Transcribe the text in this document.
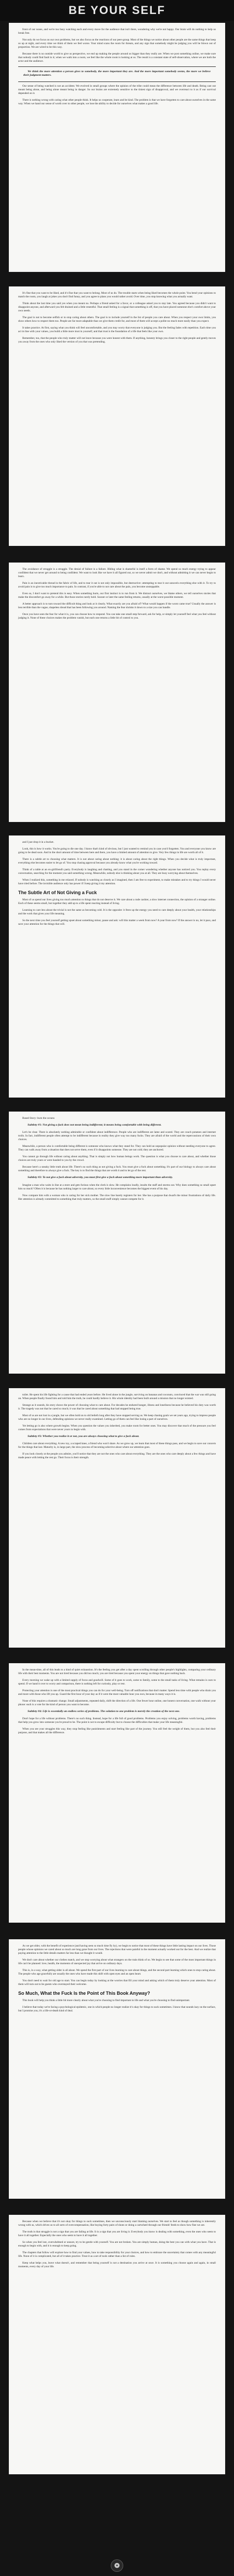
BE YOUR SELF

front of our noses, and we're too busy watching each and every move for the audience that isn't there, wondering why we're not happy. Our brain will do nothing to help us break free.

Not only do we focus on our own problems, but we also focus on the reactions of our peer-group. Most of the things we notice about other people are the same things that keep us up at night, and every time we think of them we feel worse. Your mind scans the room for threats, and any sign that somebody might be judging you will be blown out of proportion. We are wired to be this way.

Because there is no outside world to give us perspective, we end up making the people around us bigger than they really are. When we post something online, we make sure that nobody could find fault in it; when we walk into a room, we feel like the whole room is looking at us. The result is a constant state of self-observation, where we are both the actor and the audience.

We think the more attention a person gives to somebody, the more important they are. And the more important somebody seems, the more we believe their judgment matters.

Our sense of being watched is not an accident. We evolved in small groups where the opinion of the tribe could mean the difference between life and death. Being cast out meant being alone, and being alone meant being in danger. So our brains are extremely sensitive to the tiniest sign of disapproval, and we overreact to it as if our survival depended on it.

There is nothing wrong with caring what other people think. It helps us cooperate, learn and be kind. The problem is that we have forgotten to care about ourselves in the same way. When we hand our sense of worth over to other people, we lose the ability to decide for ourselves what makes a good life.

It's fine that you want to be liked, and it's fine that you want to belong. Most of us do. The trouble starts when being liked becomes the whole point. You bend your opinions to match the room, you laugh at jokes you don't find funny, and you agree to plans you would rather avoid. Over time, you stop knowing what you actually want.

Think about the last time you said yes when you meant no. Perhaps a friend asked for a favor, or a colleague asked you to stay late. You agreed because you didn't want to disappoint anyone, and afterward you felt drained and a little resentful. That small feeling is a signal that something is off, that you have placed someone else's comfort above your own needs.

The goal is not to become selfish or to stop caring about others. The goal is to include yourself in the list of people you care about. When you respect your own limits, you show others how to respect them too. People are far more adaptable than we give them credit for, and most of them will accept a polite no much more easily than you expect.

It takes practice. At first, saying what you think will feel uncomfortable, and you may worry that everyone is judging you. But the feeling fades with repetition. Each time you act in line with your values, you build a little more trust in yourself, and that trust is the foundation of a life that feels like your own.

Remember, too, that the people who truly matter will not leave because you were honest with them. If anything, honesty brings you closer to the right people and gently moves you away from the ones who only liked the version of you that was pretending.

The avoidance of struggle is a struggle. The denial of failure is a failure. Hiding what is shameful is itself a form of shame. We spend so much energy trying to appear confident that we never get around to being confident. We want to look like we have it all figured out, so we never admit we don't, and without admitting it we can never begin to learn.

Pain is an inextricable thread in the fabric of life, and to tear it out is not only impossible, but destructive: attempting to tear it out unravels everything else with it. To try to avoid pain is to give too much importance to pain. In contrast, if you're able to not care about the pain, you become unstoppable.

Even so, I don't want to pretend this is easy. When something hurts, our first instinct is to run from it. We distract ourselves, we blame others, we tell ourselves stories that make the discomfort go away for a while. But those stories rarely hold. Sooner or later the same feeling returns, usually at the worst possible moment.

A better approach is to turn toward the difficult thing and look at it clearly. What exactly are you afraid of? What would happen if the worst came true? Usually the answer is less terrible than the vague, shapeless dread that has been following you around. Naming the fear shrinks it down to a size you can handle.

Once you have seen the fear for what it is, you can choose how to respond. You can take one small step forward, ask for help, or simply let yourself feel what you feel without judging it. None of these choices makes the problem vanish, but each one returns a little bit of control to you.

and I just drop it in a bucket.

Look, this is how it works. You're going to die one day. I know that's kind of obvious, but I just wanted to remind you in case you'd forgotten. You and everyone you know are going to be dead soon. And in the short amount of time between here and there, you have a limited amount of attention to give. Very few things in life are worth all of it.

There is a subtle art to choosing what matters. It is not about caring about nothing; it is about caring about the right things. When you decide what is truly important, everything else becomes easier to let go of. You stop chasing approval because you already know what you're working toward.

Think of a table at an ex-girlfriend's party. Everybody is laughing and chatting, and you stand in the corner wondering whether anyone has noticed you. You replay every conversation, searching for the moment you said something wrong. Meanwhile, nobody else is thinking about you at all. They are busy worrying about themselves.

When I realized this, something in me relaxed. If nobody is watching as closely as I imagined, then I am free to experiment, to make mistakes and to try things I would never have tried before. The invisible audience only has power if I keep giving it my attention.

The Subtle Art of Not Giving a Fuck

Most of us spend our lives giving too much attention to things that do not deserve it. We care about a rude cashier, a slow internet connection, the opinion of a stranger online. Each of these seems small, but together they add up to a life spent reacting instead of living.

Learning to care less about the trivial is not the same as becoming cold. It is the opposite: it frees up the energy you need to care deeply about your health, your relationships and the work that gives your life meaning.

So the next time you feel yourself getting upset about something minor, pause and ask: will this matter a week from now? A year from now? If the answer is no, let it pass, and save your attention for the things that will.

Based Story: burn the oceans

Subtlety #1: Not giving a fuck does not mean being indifferent; it means being comfortable with being different.

Let's be clear. There is absolutely nothing admirable or confident about indifference. People who are indifferent are lame and scared. They are couch potatoes and internet trolls. In fact, indifferent people often attempt to be indifferent because in reality they give way too many fucks. They are afraid of the world and the repercussions of their own choices.

Meanwhile, a person who is comfortable being different is someone who knows what they stand for. They can hold an unpopular opinion without needing everyone to agree. They can walk away from a situation that does not serve them, even if it disappoints someone. They are not cold; they are anchored.

You cannot go through life without caring about anything. That is simply not how human beings work. The question is what you choose to care about, and whether those choices are truly yours or were handed to you by the crowd.

Because here's a sneaky little truth about life. There's no such thing as not giving a fuck. You must give a fuck about something. It's part of our biology to always care about something and therefore to always give a fuck. The key is to find the things that are worth it and to let go of the rest.

Subtlety #2: To not give a fuck about adversity, you must first give a fuck about something more important than adversity.

Imagine a man who waits in line at a store and gets furious when the clerk is slow. He complains loudly, insults the staff and storms out. Why does something so small upset him so much? Often it is because he has nothing larger to care about, so every little inconvenience becomes the biggest event of his day.

Now compare him with a woman who is caring for her sick mother. The slow line barely registers for her. She has a purpose that dwarfs the minor frustrations of daily life. Her attention is already committed to something that truly matters, so the small stuff simply cannot compete for it.

toilet. He spent his life fighting for a cause that had ended years before. He lived alone in the jungle, surviving on bananas and coconuts, convinced that the war was still going on. When people finally found him and told him the truth, he could hardly believe it. His whole identity had been built around a mission that no longer existed.

Strange as it sounds, his story shows the power of choosing what to care about. For decades he endured hunger, illness and loneliness because he believed his duty was worth it. The tragedy was not that he cared so much; it was that he cared about something that had stopped being true.

Most of us are not lost in a jungle, but we often hold on to old beliefs long after they have stopped serving us. We keep chasing goals we set years ago, trying to impress people who are no longer in our lives, defending opinions we never really examined. Letting go of them can feel like losing a part of ourselves.

Yet letting go is also where growth begins. When you question the values you inherited, you make room for better ones. You may discover that much of the pressure you feel comes from expectations that were never yours to begin with.

Subtlety #3: Whether you realize it or not, you are always choosing what to give a fuck about.

Children care about everything. A new toy, a scraped knee, a friend who won't share. As we grow up, we learn that most of these things pass, and we begin to save our concern for the things that last. Maturity is, in large part, the slow process of becoming selective about where our attention goes.

If you look closely at the people you admire, you'll notice that they are not the ones who care about everything. They are the ones who care deeply about a few things and have made peace with letting the rest go. Their focus is their strength.

In the mean-time, all of this leads to a kind of quiet exhaustion. It's the feeling you get after a day spent scrolling through other people's highlights, comparing your ordinary life with their best moments. You are not tired because you did too much; you are tired because you spent your energy on things that gave nothing back.

Every morning we wake up with a limited supply of focus and goodwill. Some of it goes to work, some to family, some to the small tasks of living. What remains is ours to spend. If we hand it over to worry and comparison, there is nothing left for curiosity, play or rest.

Protecting your attention is one of the most practical things you can do for your well-being. Turn off notifications that don't matter. Spend less time with people who drain you and more with those who lift you up. Guard the first hour of your day as if it were the most valuable hour you own, because in many ways it is.

None of this requires a dramatic change. Small adjustments, repeated daily, shift the direction of a life. One fewer hour online, one honest conversation, one walk without your phone: each is a vote for the kind of person you want to become.

Subtlety #4: Life is essentially an endless series of problems. The solution to one problem is merely the creation of the next one.

Don't hope for a life without problems. There's no such thing. Instead, hope for a life full of good problems. Problems you enjoy solving, problems worth having, problems that help you grow into someone you're proud to be. The point is not to escape difficulty but to choose the difficulties that make your life meaningful.

When you see your struggles this way, they stop feeling like punishments and start feeling like part of the journey. You still feel the weight of them, but you also feel their purpose, and that makes all the difference.

As we get older, with the benefit of experience (and having seen so much time fly by), we begin to notice that most of these things have little lasting impact on our lives. Those people whose opinions we cared about so much are long gone from our lives. The rejections that were painful in the moment actually worked out for the best. And we realize that paying attention to the little details matters far less than we thought it would.

We don't care about whether our clothes match, and we stop worrying about what strangers on the train think of us. We begin to see that some of the most important things in life can't be planned: love, health, the moments of unexpected joy that arrive on ordinary days.

This is, in a way, what getting older is all about. We spend the first part of our lives learning to care about things, and the second part learning which ones to stop caring about. The people who age gracefully are usually the ones who have made this shift with open eyes and an open heart.

You don't need to wait for old age to start. You can begin today by looking at the worries that fill your mind and asking which of them truly deserve your attention. Most of them will turn out to be guests who overstayed their welcome.

So Much, What the Fuck Is the Point of This Book Anyway?

This book will help you think a little bit more clearly about what you're choosing to find important in life and what you're choosing to find unimportant.

I believe that today we're facing a psychological epidemic, one in which people no longer realize it's okay for things to suck sometimes. I know that sounds lazy on the surface, but I promise you, it's a life-or-death kind of deal.

Because when we believe that it's not okay for things to suck sometimes, then we unconsciously start blaming ourselves. We start to feel as though something is inherently wrong with us, which drives us to all sorts of overcompensation, like buying forty pairs of shoes or doing a cartwheel through our friends' feeds to show how fine we are.

The truth is that struggle is not a sign that you are failing at life. It is a sign that you are living it. Everybody you know is dealing with something, even the ones who seem to have it all together. Especially the ones who seem to have it all together.

So when you feel lost, overwhelmed or unsure, try to be gentle with yourself. You are not broken. You are simply human, doing the best you can with what you have. That is enough to begin with, and it is enough to keep going.

The chapters that follow will explore how to find your values, how to take responsibility for your choices, and how to embrace the uncertainty that comes with any meaningful life. None of it is complicated, but all of it takes practice. Treat it as a set of tools rather than a list of rules.

Keep what helps you, leave what doesn't, and remember that being yourself is not a destination you arrive at once. It is something you choose again and again, in small moments, every day of your life.

❂
